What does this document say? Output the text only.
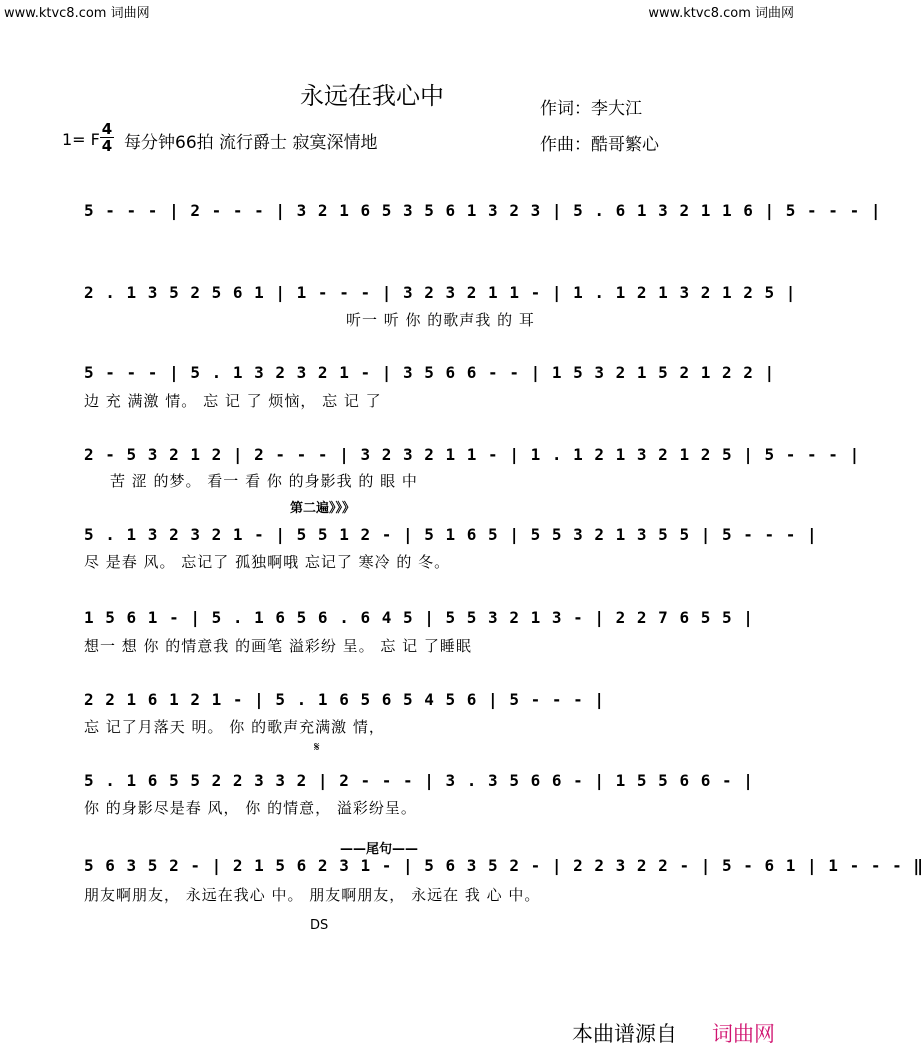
www.ktvc8.com 词曲网	www.ktvc8.com 词曲网
永远在我心中	作词：李大江
作曲：酷哥繁心
1= F
4
4 每分钟66拍 流行爵士 寂寞深情地
5 - - - | 2 - - - | 3 2 1 6 5 3 5 6 1 3 2 3 | 5 . 6 1 3 2 1 1 6 | 5 - - - |
2 . 1 3 5 2 5 6 1 | 1 - - - | 3 2 3 2 1 1 - | 1 . 1 2 1 3 2 1 2 5 |
听一 听 你 的歌声我 的 耳
5 - - - | 5 . 1 3 2 3 2 1 - | 3 5 6 6 - - | 1 5 3 2 1 5 2 1 2 2 |
边 充 满激 情。 忘 记 了 烦恼， 忘 记 了
2 - 5 3 2 1 2 | 2 - - - | 3 2 3 2 1 1 - | 1 . 1 2 1 3 2 1 2 5 | 5 - - - |
苦 涩 的梦。 看一 看 你 的身影我 的 眼 中
第二遍》》》
5 . 1 3 2 3 2 1 - | 5 5 1 2 - | 5 1 6 5 | 5 5 3 2 1 3 5 5 | 5 - - - |
尽 是春 风。 忘记了 孤独啊哦 忘记了 寒冷 的 冬。
1 5 6 1 - | 5 . 1 6 5 6 . 6 4 5 | 5 5 3 2 1 3 - | 2 2 7 6 5 5 |
想一 想 你 的情意我 的画笔 溢彩纷 呈。 忘 记 了睡眠
2 2 1 6 1 2 1 - | 5 . 1 6 5 6 5 4 5 6 | 5 - - - |
忘 记了月落天 明。 你 的歌声充满激 情，
𝄋
5 . 1 6 5 5 2 2 3 3 2 | 2 - - - | 3 . 3 5 6 6 - | 1 5 5 6 6 - |
你 的身影尽是春 风， 你 的情意， 溢彩纷呈。
——尾句——
5 6 3 5 2 - | 2 1 5 6 2 3 1 - | 5 6 3 5 2 - | 2 2 3 2 2 - | 5 - 6 1 | 1 - - - ‖
朋友啊朋友， 永远在我心 中。 朋友啊朋友， 永远在 我 心 中。
DS
本曲谱源自 词曲网
